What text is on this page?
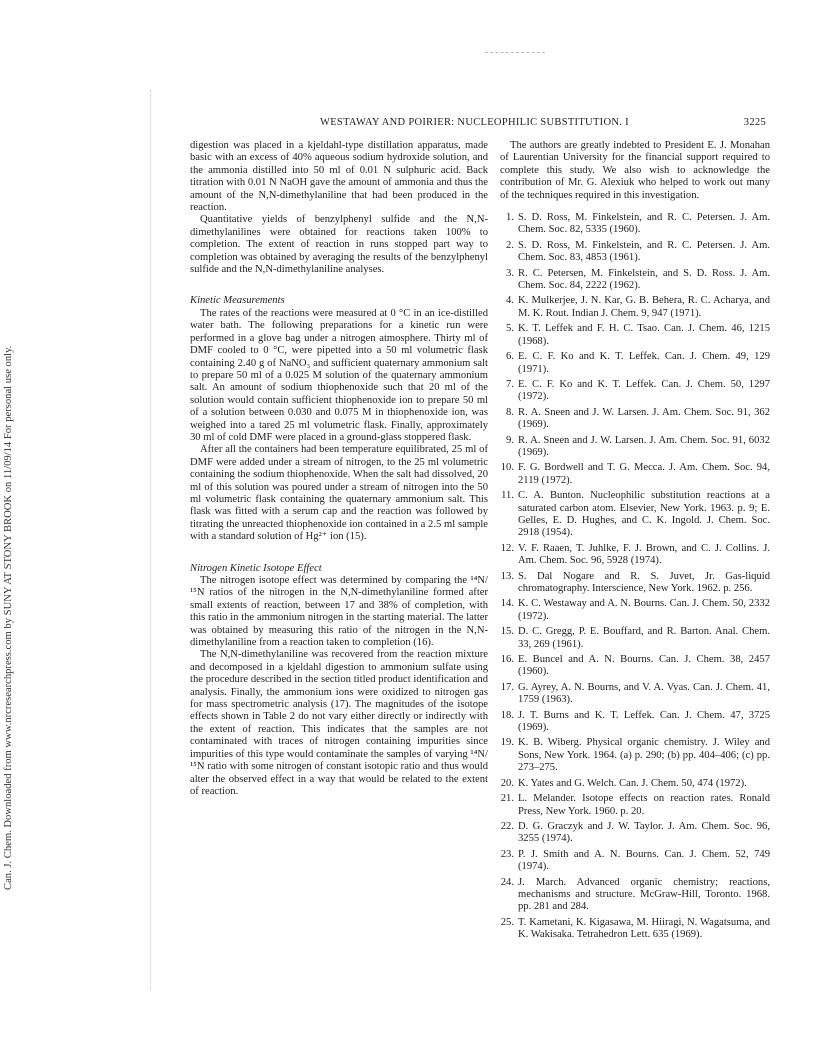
Can. J. Chem. Downloaded from www.nrcresearchpress.com by SUNY AT STONY BROOK on 11/09/14 For personal use only.
WESTAWAY AND POIRIER: NUCLEOPHILIC SUBSTITUTION. I	3225

digestion was placed in a kjeldahl-type distillation apparatus, made basic with an excess of 40% aqueous sodium hydroxide solution, and the ammonia distilled into 50 ml of 0.01 N sulphuric acid. Back titration with 0.01 N NaOH gave the amount of ammonia and thus the amount of the N,N-dimethylaniline that had been produced in the reaction.

Quantitative yields of benzylphenyl sulfide and the N,N-dimethylanilines were obtained for reactions taken 100% to completion. The extent of reaction in runs stopped part way to completion was obtained by averaging the results of the benzylphenyl sulfide and the N,N-dimethylaniline analyses.

Kinetic Measurements

The rates of the reactions were measured at 0 °C in an ice-distilled water bath. The following preparations for a kinetic run were performed in a glove bag under a nitrogen atmosphere. Thirty ml of DMF cooled to 0 °C, were pipetted into a 50 ml volumetric flask containing 2.40 g of NaNO₃ and sufficient quaternary ammonium salt to prepare 50 ml of a 0.025 M solution of the quaternary ammonium salt. An amount of sodium thiophenoxide such that 20 ml of the solution would contain sufficient thiophenoxide ion to prepare 50 ml of a solution between 0.030 and 0.075 M in thiophenoxide ion, was weighed into a tared 25 ml volumetric flask. Finally, approximately 30 ml of cold DMF were placed in a ground-glass stoppered flask.

After all the containers had been temperature equilibrated, 25 ml of DMF were added under a stream of nitrogen, to the 25 ml volumetric containing the sodium thiophenoxide. When the salt had dissolved, 20 ml of this solution was poured under a stream of nitrogen into the 50 ml volumetric flask containing the quaternary ammonium salt. This flask was fitted with a serum cap and the reaction was followed by titrating the unreacted thiophenoxide ion contained in a 2.5 ml sample with a standard solution of Hg²⁺ ion (15).

Nitrogen Kinetic Isotope Effect

The nitrogen isotope effect was determined by comparing the ¹⁴N/¹⁵N ratios of the nitrogen in the N,N-dimethylaniline formed after small extents of reaction, between 17 and 38% of completion, with this ratio in the ammonium nitrogen in the starting material. The latter was obtained by measuring this ratio of the nitrogen in the N,N-dimethylaniline from a reaction taken to completion (16).

The N,N-dimethylaniline was recovered from the reaction mixture and decomposed in a kjeldahl digestion to ammonium sulfate using the procedure described in the section titled product identification and analysis. Finally, the ammonium ions were oxidized to nitrogen gas for mass spectrometric analysis (17). The magnitudes of the isotope effects shown in Table 2 do not vary either directly or indirectly with the extent of reaction. This indicates that the samples are not contaminated with traces of nitrogen containing impurities since impurities of this type would contaminate the samples of varying ¹⁴N/¹⁵N ratio with some nitrogen of constant isotopic ratio and thus would alter the observed effect in a way that would be related to the extent of reaction.

The authors are greatly indebted to President E. J. Monahan of Laurentian University for the financial support required to complete this study. We also wish to acknowledge the contribution of Mr. G. Alexiuk who helped to work out many of the techniques required in this investigation.

1. S. D. Ross, M. Finkelstein, and R. C. Petersen. J. Am. Chem. Soc. 82, 5335 (1960).
2. S. D. Ross, M. Finkelstein, and R. C. Petersen. J. Am. Chem. Soc. 83, 4853 (1961).
3. R. C. Petersen, M. Finkelstein, and S. D. Ross. J. Am. Chem. Soc. 84, 2222 (1962).
4. K. Mulkerjee, J. N. Kar, G. B. Behera, R. C. Acharya, and M. K. Rout. Indian J. Chem. 9, 947 (1971).
5. K. T. Leffek and F. H. C. Tsao. Can. J. Chem. 46, 1215 (1968).
6. E. C. F. Ko and K. T. Leffek. Can. J. Chem. 49, 129 (1971).
7. E. C. F. Ko and K. T. Leffek. Can. J. Chem. 50, 1297 (1972).
8. R. A. Sneen and J. W. Larsen. J. Am. Chem. Soc. 91, 362 (1969).
9. R. A. Sneen and J. W. Larsen. J. Am. Chem. Soc. 91, 6032 (1969).
10. F. G. Bordwell and T. G. Mecca. J. Am. Chem. Soc. 94, 2119 (1972).
11. C. A. Bunton. Nucleophilic substitution reactions at a saturated carbon atom. Elsevier, New York. 1963. p. 9; E. Gelles, E. D. Hughes, and C. K. Ingold. J. Chem. Soc. 2918 (1954).
12. V. F. Raaen, T. Juhlke, F. J. Brown, and C. J. Collins. J. Am. Chem. Soc. 96, 5928 (1974).
13. S. Dal Nogare and R. S. Juvet, Jr. Gas-liquid chromatography. Interscience, New York. 1962. p. 256.
14. K. C. Westaway and A. N. Bourns. Can. J. Chem. 50, 2332 (1972).
15. D. C. Gregg, P. E. Bouffard, and R. Barton. Anal. Chem. 33, 269 (1961).
16. E. Buncel and A. N. Bourns. Can. J. Chem. 38, 2457 (1960).
17. G. Ayrey, A. N. Bourns, and V. A. Vyas. Can. J. Chem. 41, 1759 (1963).
18. J. T. Burns and K. T. Leffek. Can. J. Chem. 47, 3725 (1969).
19. K. B. Wiberg. Physical organic chemistry. J. Wiley and Sons, New York. 1964. (a) p. 290; (b) pp. 404–406; (c) pp. 273–275.
20. K. Yates and G. Welch. Can. J. Chem. 50, 474 (1972).
21. L. Melander. Isotope effects on reaction rates. Ronald Press, New York. 1960. p. 20.
22. D. G. Graczyk and J. W. Taylor. J. Am. Chem. Soc. 96, 3255 (1974).
23. P. J. Smith and A. N. Bourns. Can. J. Chem. 52, 749 (1974).
24. J. March. Advanced organic chemistry; reactions, mechanisms and structure. McGraw-Hill, Toronto. 1968. pp. 281 and 284.
25. T. Kametani, K. Kigasawa, M. Hiiragi, N. Wagatsuma, and K. Wakisaka. Tetrahedron Lett. 635 (1969).
